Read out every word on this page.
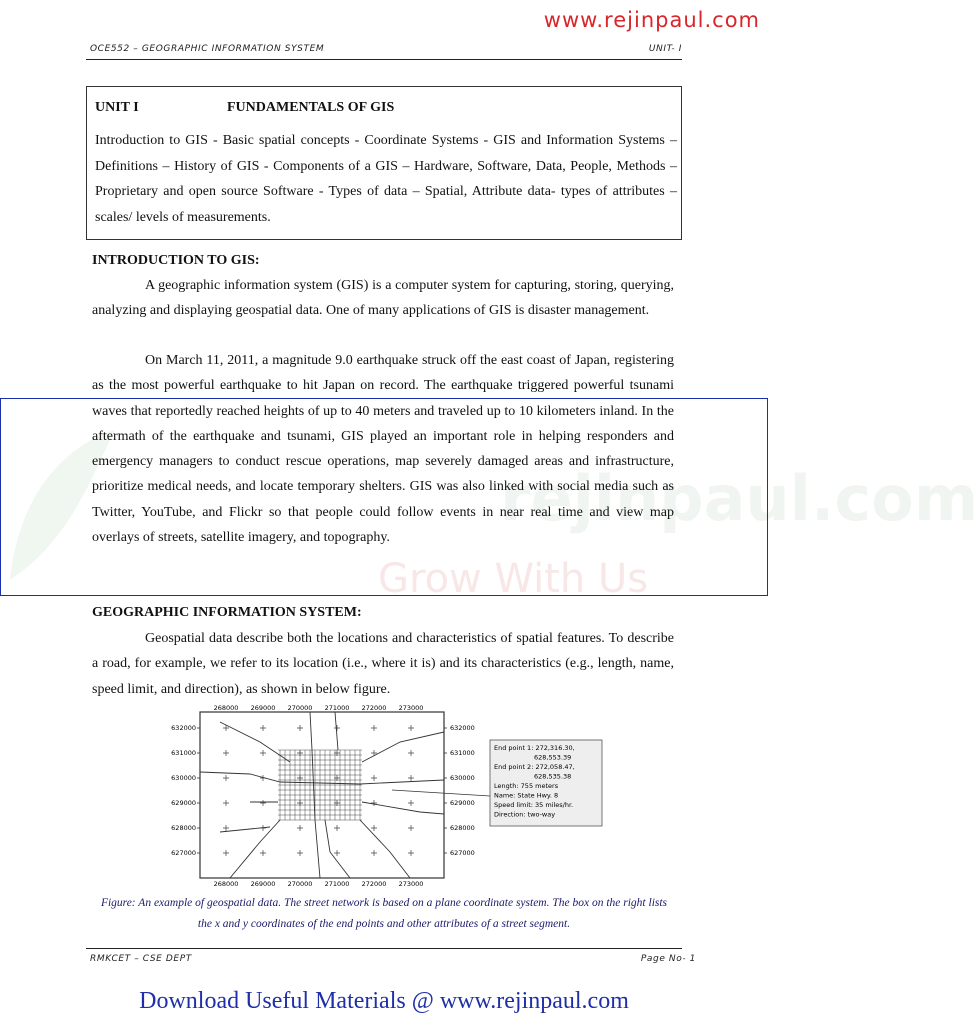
www.rejinpaul.com
OCE552 – GEOGRAPHIC INFORMATION SYSTEM	UNIT- I
rejinpaul.com
Grow With Us
UNIT I	FUNDAMENTALS OF GIS
Introduction to GIS - Basic spatial concepts - Coordinate Systems - GIS and Information Systems – Definitions – History of GIS - Components of a GIS – Hardware, Software, Data, People, Methods – Proprietary and open source Software - Types of data – Spatial, Attribute data- types of attributes – scales/ levels of measurements.
INTRODUCTION TO GIS:
A geographic information system (GIS) is a computer system for capturing, storing, querying, analyzing and displaying geospatial data. One of many applications of GIS is disaster management.
On March 11, 2011, a magnitude 9.0 earthquake struck off the east coast of Japan, registering as the most powerful earthquake to hit Japan on record. The earthquake triggered powerful tsunami waves that reportedly reached heights of up to 40 meters and traveled up to 10 kilometers inland. In the aftermath of the earthquake and tsunami, GIS played an important role in helping responders and emergency managers to conduct rescue operations, map severely damaged areas and infrastructure, prioritize medical needs, and locate temporary shelters. GIS was also linked with social media such as Twitter, YouTube, and Flickr so that people could follow events in near real time and view map overlays of streets, satellite imagery, and topography.
GEOGRAPHIC INFORMATION SYSTEM:
Geospatial data describe both the locations and characteristics of spatial features. To describe a road, for example, we refer to its location (i.e., where it is) and its characteristics (e.g., length, name, speed limit, and direction), as shown in below figure.
268000
268000
269000
269000
270000
270000
271000
271000
272000
272000
273000
273000
632000	632000
631000	631000
630000	630000
629000	629000
628000	628000
627000	627000
End point 1: 272,316.30,
628,553.39
End point 2: 272,058.47,
628,535.38
Length: 755 meters
Name: State Hwy. 8
Speed limit: 35 miles/hr.
Direction: two-way
Figure: An example of geospatial data. The street network is based on a plane coordinate system. The box on the right lists the x and y coordinates of the end points and other attributes of a street segment.
RMKCET – CSE DEPT	Page No- 1
Download Useful Materials @ www.rejinpaul.com
